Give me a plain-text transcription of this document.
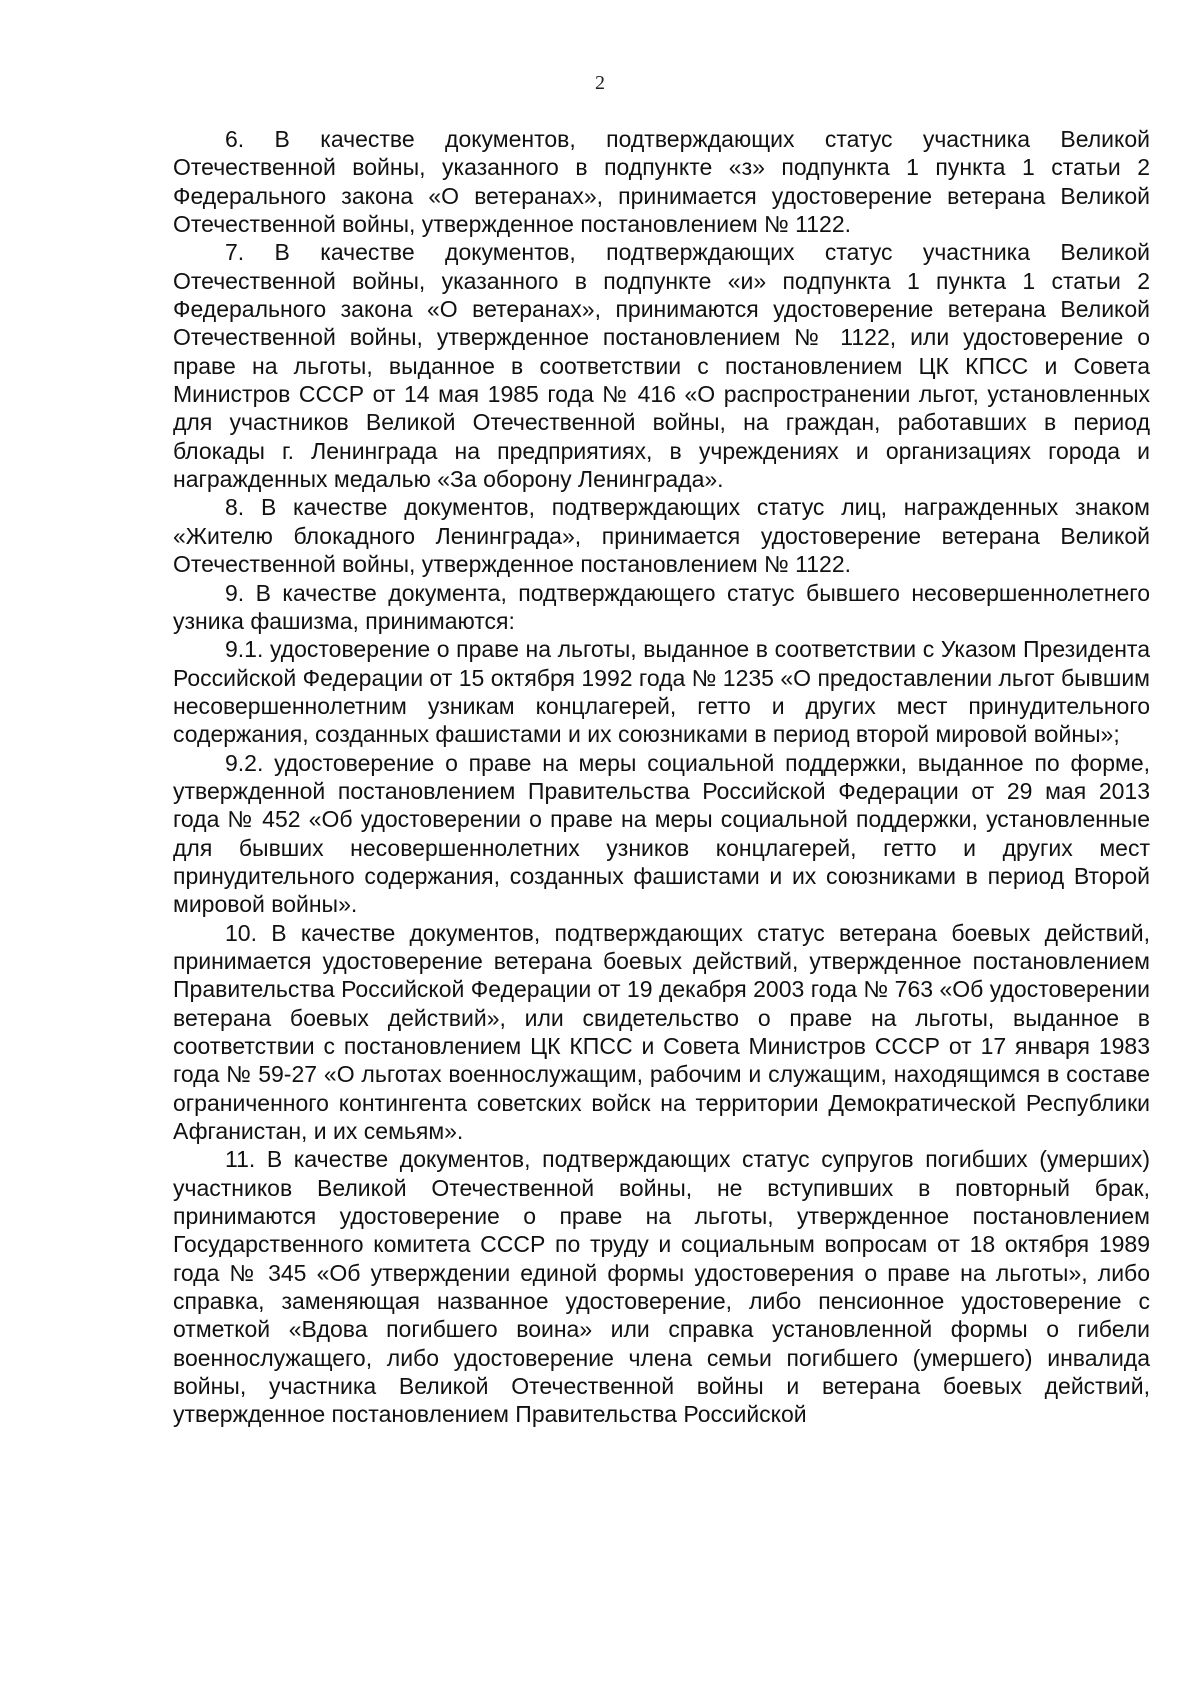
2

6. В качестве документов, подтверждающих статус участника Великой Отечественной войны, указанного в подпункте «з» подпункта 1 пункта 1 статьи 2 Федерального закона «О ветеранах», принимается удостоверение ветерана Великой Отечественной войны, утвержденное постановлением № 1122.

7. В качестве документов, подтверждающих статус участника Великой Отечественной войны, указанного в подпункте «и» подпункта 1 пункта 1 статьи 2 Федерального закона «О ветеранах», принимаются удостоверение ветерана Великой Отечественной войны, утвержденное постановлением № 1122, или удостоверение о праве на льготы, выданное в соответствии с постановлением ЦК КПСС и Совета Министров СССР от 14 мая 1985 года № 416 «О распространении льгот, установленных для участников Великой Отечественной войны, на граждан, работавших в период блокады г. Ленинграда на предприятиях, в учреждениях и организациях города и награжденных медалью «За оборону Ленинграда».

8. В качестве документов, подтверждающих статус лиц, награжденных знаком «Жителю блокадного Ленинграда», принимается удостоверение ветерана Великой Отечественной войны, утвержденное постановлением № 1122.

9. В качестве документа, подтверждающего статус бывшего несовершеннолетнего узника фашизма, принимаются:

9.1. удостоверение о праве на льготы, выданное в соответствии с Указом Президента Российской Федерации от 15 октября 1992 года № 1235 «О предоставлении льгот бывшим несовершеннолетним узникам концлагерей, гетто и других мест принудительного содержания, созданных фашистами и их союзниками в период второй мировой войны»;

9.2. удостоверение о праве на меры социальной поддержки, выданное по форме, утвержденной постановлением Правительства Российской Федерации от 29 мая 2013 года № 452 «Об удостоверении о праве на меры социальной поддержки, установленные для бывших несовершеннолетних узников концлагерей, гетто и других мест принудительного содержания, созданных фашистами и их союзниками в период Второй мировой войны».

10. В качестве документов, подтверждающих статус ветерана боевых действий, принимается удостоверение ветерана боевых действий, утвержденное постановлением Правительства Российской Федерации от 19 декабря 2003 года № 763 «Об удостоверении ветерана боевых действий», или свидетельство о праве на льготы, выданное в соответствии с постановлением ЦК КПСС и Совета Министров СССР от 17 января 1983 года № 59-27 «О льготах военнослужащим, рабочим и служащим, находящимся в составе ограниченного контингента советских войск на территории Демократической Республики Афганистан, и их семьям».

11. В качестве документов, подтверждающих статус супругов погибших (умерших) участников Великой Отечественной войны, не вступивших в повторный брак, принимаются удостоверение о праве на льготы, утвержденное постановлением Государственного комитета СССР по труду и социальным вопросам от 18 октября 1989 года № 345 «Об утверждении единой формы удостоверения о праве на льготы», либо справка, заменяющая названное удостоверение, либо пенсионное удостоверение с отметкой «Вдова погибшего воина» или справка установленной формы о гибели военнослужащего, либо удостоверение члена семьи погибшего (умершего) инвалида войны, участника Великой Отечественной войны и ветерана боевых действий, утвержденное постановлением Правительства Российской
